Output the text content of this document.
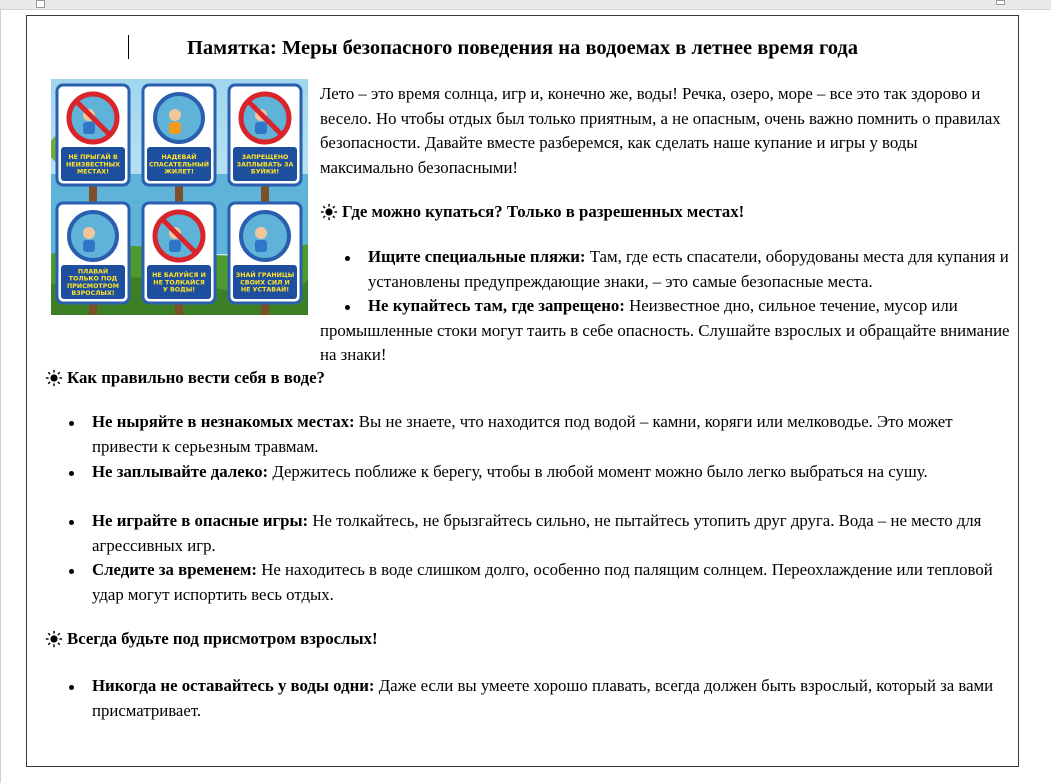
Памятка: Меры безопасного поведения на водоемах в летнее время года
НЕ ПРЫГАЙ В
НЕИЗВЕСТНЫХ
МЕСТАХ!
НАДЕВАЙ
СПАСАТЕЛЬНЫЙ
ЖИЛЕТ!
ЗАПРЕЩЕНО
ЗАПЛЫВАТЬ ЗА
БУЙКИ!
ПЛАВАЙ
ТОЛЬКО ПОД
ПРИСМОТРОМ
ВЗРОСЛЫХ!
НЕ БАЛУЙСЯ И
НЕ ТОЛКАЙСЯ
У ВОДЫ!
ЗНАЙ ГРАНИЦЫ
СВОИХ СИЛ И
НЕ УСТАВАЙ!

Лето – это время солнца, игр и, конечно же, воды! Речка, озеро, море – все это так здорово и весело. Но чтобы отдых был только приятным, а не опасным, очень важно помнить о правилах безопасности. Давайте вместе разберемся, как сделать наше купание и игры у воды максимально безопасными!

Где можно купаться? Только в разрешенных местах!

Ищите специальные пляжи: Там, где есть спасатели, оборудованы места для купания и установлены предупреждающие знаки, – это самые безопасные места.

Не купайтесь там, где запрещено: Неизвестное дно, сильное течение, мусор или промышленные стоки могут таить в себе опасность. Слушайте взрослых и обращайте внимание на знаки!

Как правильно вести себя в воде?

Не ныряйте в незнакомых местах: Вы не знаете, что находится под водой – камни, коряги или мелководье. Это может привести к серьезным травмам.

Не заплывайте далеко: Держитесь поближе к берегу, чтобы в любой момент можно было легко выбраться на сушу.

Не играйте в опасные игры: Не толкайтесь, не брызгайтесь сильно, не пытайтесь утопить друг друга. Вода – не место для агрессивных игр.

Следите за временем: Не находитесь в воде слишком долго, особенно под палящим солнцем. Переохлаждение или тепловой удар могут испортить весь отдых.

Всегда будьте под присмотром взрослых!

Никогда не оставайтесь у воды одни: Даже если вы умеете хорошо плавать, всегда должен быть взрослый, который за вами присматривает.
